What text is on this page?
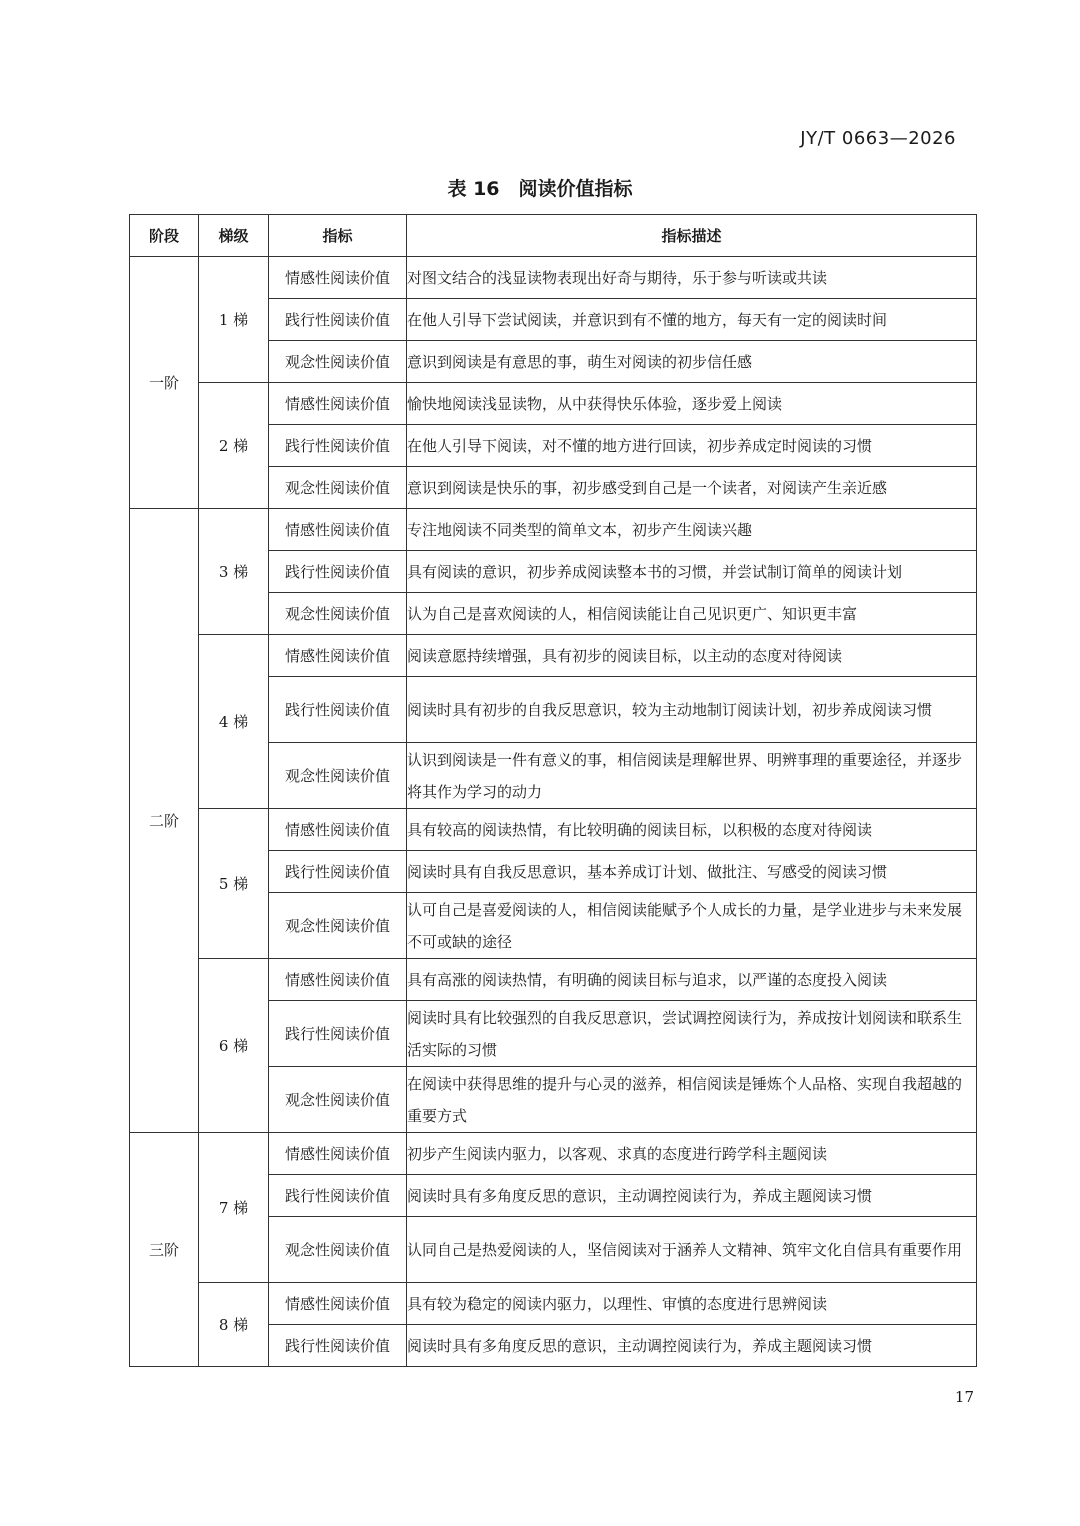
JY/T 0663—2026
表 16　阅读价值指标
阶段	梯级	指标	指标描述
一阶	1 梯	情感性阅读价值	对图文结合的浅显读物表现出好奇与期待，乐于参与听读或共读
		践行性阅读价值	在他人引导下尝试阅读，并意识到有不懂的地方，每天有一定的阅读时间
		观念性阅读价值	意识到阅读是有意思的事，萌生对阅读的初步信任感
	2 梯	情感性阅读价值	愉快地阅读浅显读物，从中获得快乐体验，逐步爱上阅读
		践行性阅读价值	在他人引导下阅读，对不懂的地方进行回读，初步养成定时阅读的习惯
		观念性阅读价值	意识到阅读是快乐的事，初步感受到自己是一个读者，对阅读产生亲近感
二阶	3 梯	情感性阅读价值	专注地阅读不同类型的简单文本，初步产生阅读兴趣
		践行性阅读价值	具有阅读的意识，初步养成阅读整本书的习惯，并尝试制订简单的阅读计划
		观念性阅读价值	认为自己是喜欢阅读的人，相信阅读能让自己见识更广、知识更丰富
	4 梯	情感性阅读价值	阅读意愿持续增强，具有初步的阅读目标，以主动的态度对待阅读
		践行性阅读价值	阅读时具有初步的自我反思意识，较为主动地制订阅读计划，初步养成阅读习惯
		观念性阅读价值	认识到阅读是一件有意义的事，相信阅读是理解世界、明辨事理的重要途径，并逐步将其作为学习的动力
	5 梯	情感性阅读价值	具有较高的阅读热情，有比较明确的阅读目标，以积极的态度对待阅读
		践行性阅读价值	阅读时具有自我反思意识，基本养成订计划、做批注、写感受的阅读习惯
		观念性阅读价值	认可自己是喜爱阅读的人，相信阅读能赋予个人成长的力量，是学业进步与未来发展不可或缺的途径
	6 梯	情感性阅读价值	具有高涨的阅读热情，有明确的阅读目标与追求，以严谨的态度投入阅读
		践行性阅读价值	阅读时具有比较强烈的自我反思意识，尝试调控阅读行为，养成按计划阅读和联系生活实际的习惯
		观念性阅读价值	在阅读中获得思维的提升与心灵的滋养，相信阅读是锤炼个人品格、实现自我超越的重要方式
三阶	7 梯	情感性阅读价值	初步产生阅读内驱力，以客观、求真的态度进行跨学科主题阅读
		践行性阅读价值	阅读时具有多角度反思的意识，主动调控阅读行为，养成主题阅读习惯
		观念性阅读价值	认同自己是热爱阅读的人，坚信阅读对于涵养人文精神、筑牢文化自信具有重要作用
	8 梯	情感性阅读价值	具有较为稳定的阅读内驱力，以理性、审慎的态度进行思辨阅读
		践行性阅读价值	阅读时具有多角度反思的意识，主动调控阅读行为，养成主题阅读习惯
17
